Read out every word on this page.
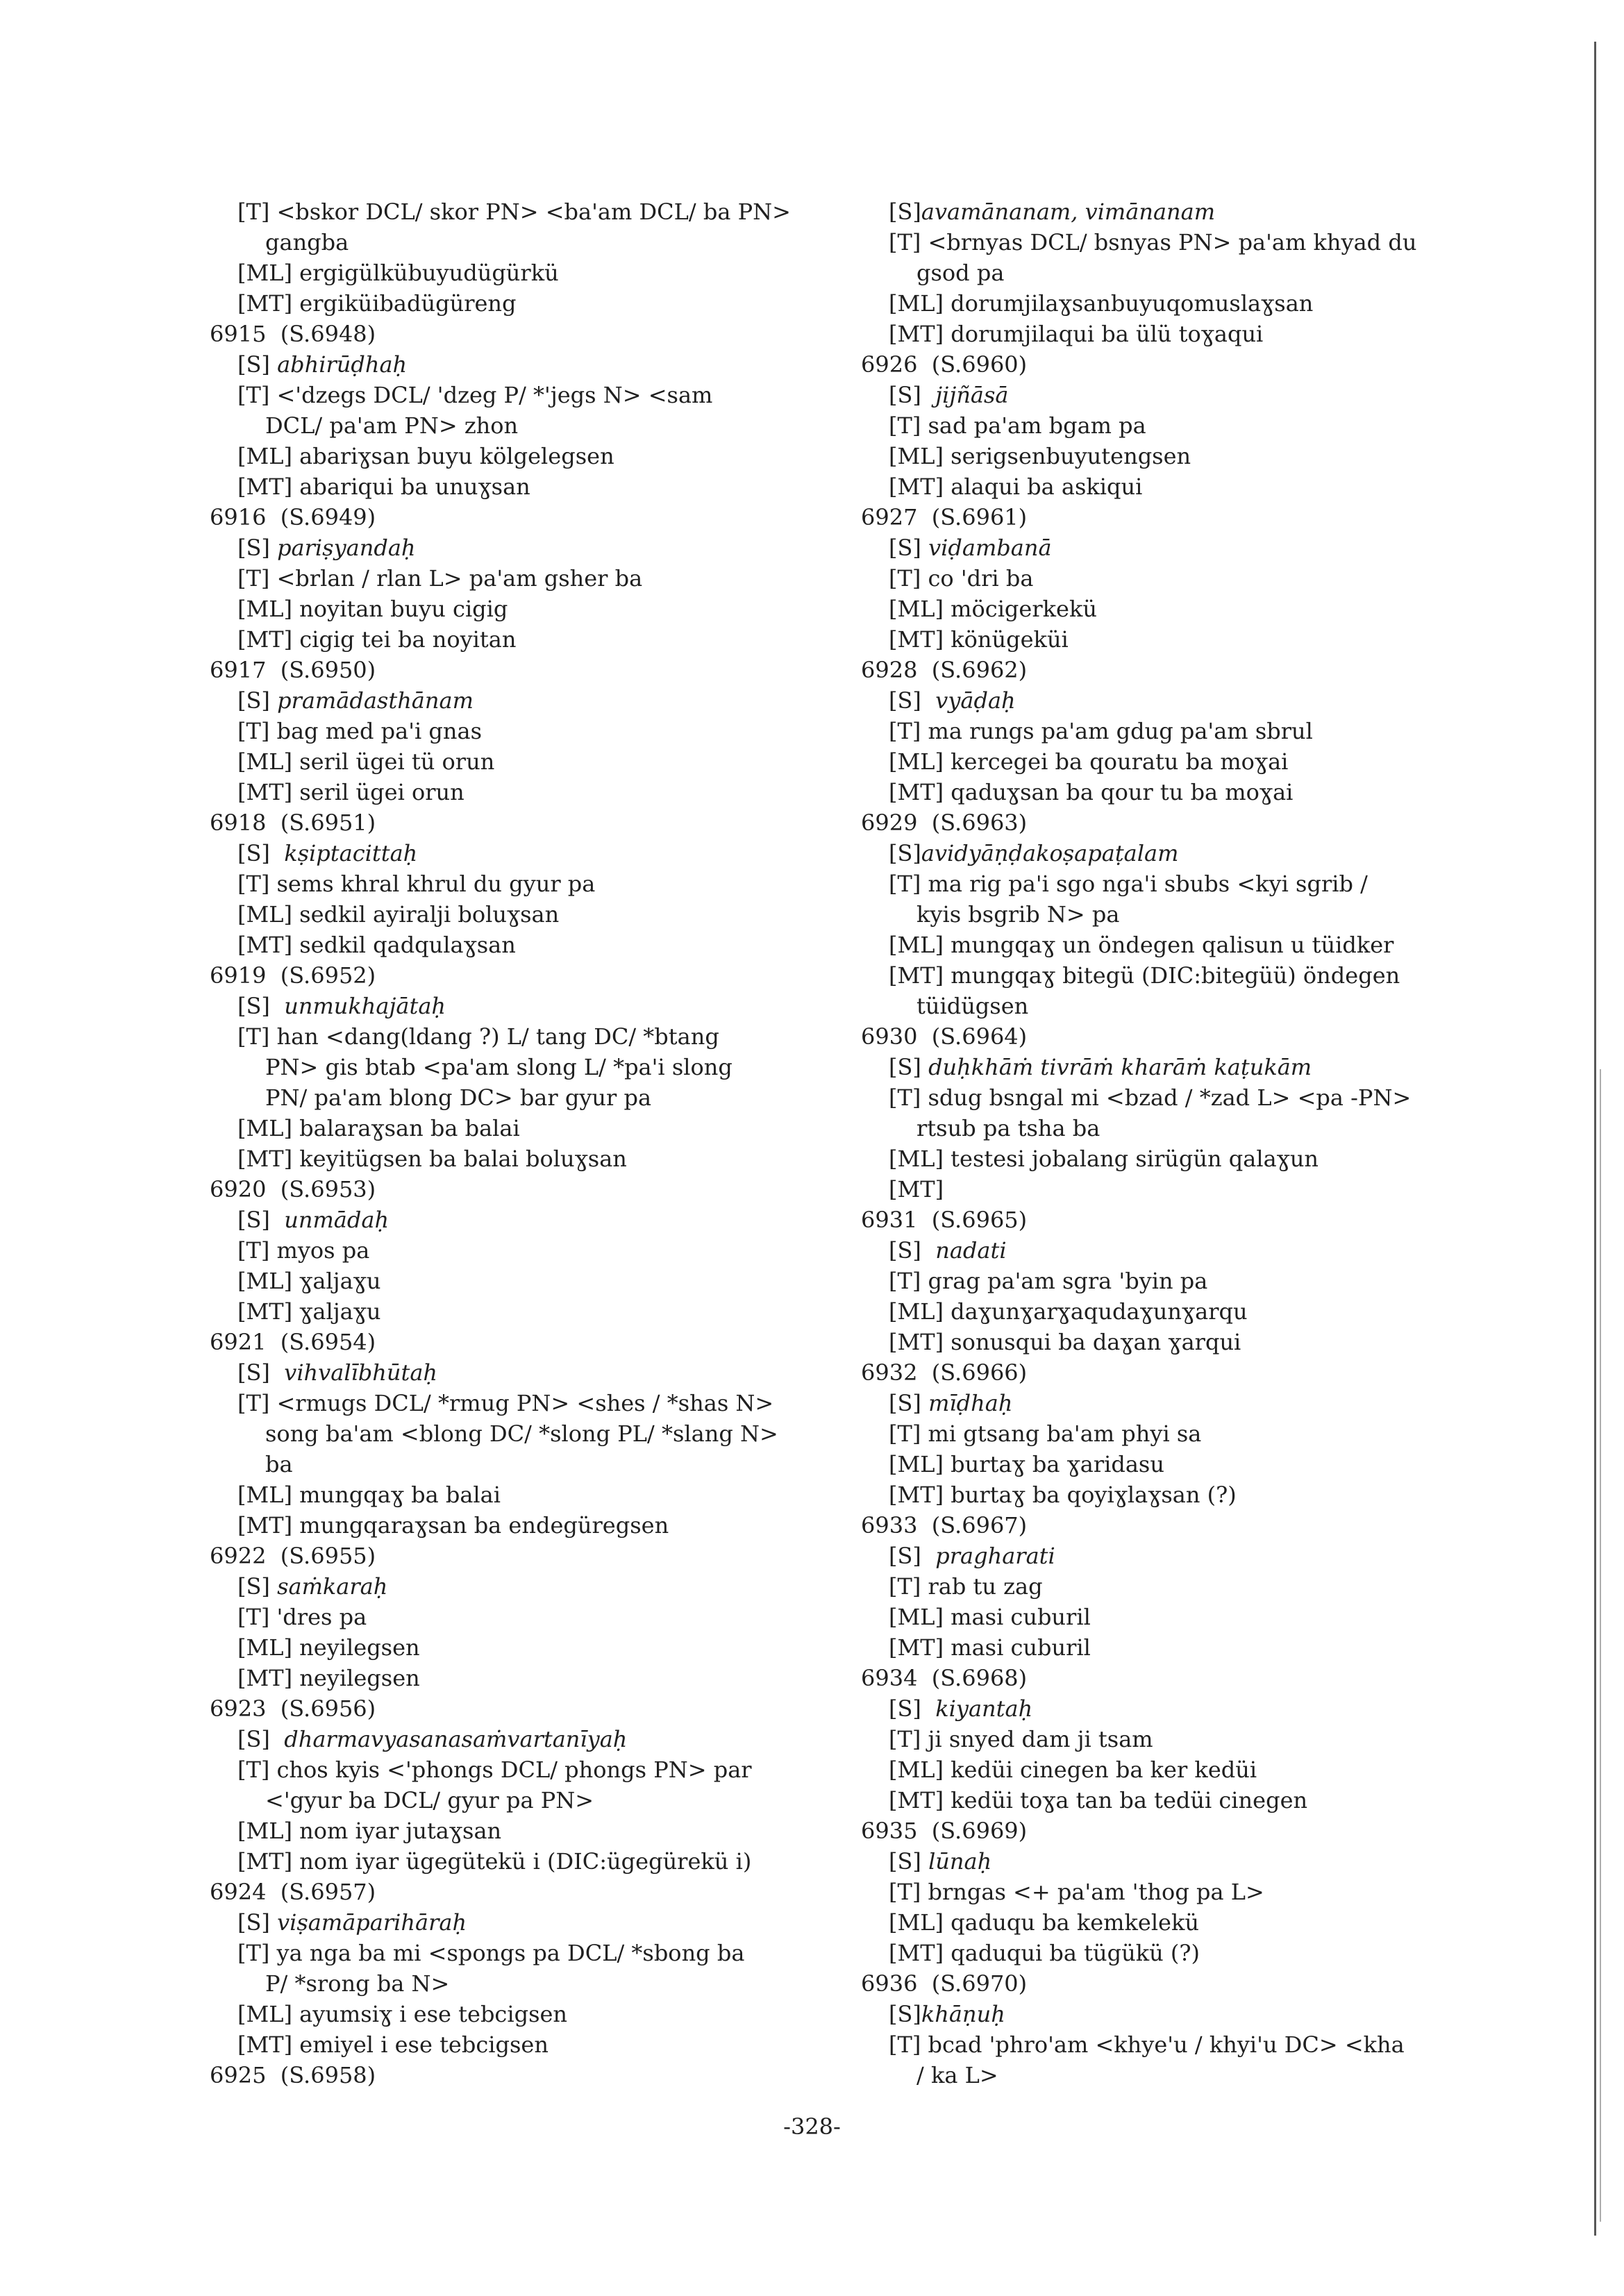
[T] <bskor DCL/ skor PN> <ba'am DCL/ ba PN>
gangba
[ML] ergigülkübuyudügürkü
[MT] ergiküibadügüreng
6915  (S.6948)
[S] abhirūḍhaḥ
[T] <'dzegs DCL/ 'dzeg P/ *'jegs N> <sam
DCL/ pa'am PN> zhon
[ML] abariɣsan buyu kölgelegsen
[MT] abariqui ba unuɣsan
6916  (S.6949)
[S] pariṣyandaḥ
[T] <brlan / rlan L> pa'am gsher ba
[ML] noyitan buyu cigig
[MT] cigig tei ba noyitan
6917  (S.6950)
[S] pramādasthānam
[T] bag med pa'i gnas
[ML] seril ügei tü orun
[MT] seril ügei orun
6918  (S.6951)
[S]  kṣiptacittaḥ
[T] sems khral khrul du gyur pa
[ML] sedkil ayiralji boluɣsan
[MT] sedkil qadqulaɣsan
6919  (S.6952)
[S]  unmukhajātaḥ
[T] han <dang(ldang ?) L/ tang DC/ *btang
PN> gis btab <pa'am slong L/ *pa'i slong
PN/ pa'am blong DC> bar gyur pa
[ML] balaraɣsan ba balai
[MT] keyitügsen ba balai boluɣsan
6920  (S.6953)
[S]  unmādaḥ
[T] myos pa
[ML] ɣaljaɣu
[MT] ɣaljaɣu
6921  (S.6954)
[S]  vihvalībhūtaḥ
[T] <rmugs DCL/ *rmug PN> <shes / *shas N>
song ba'am <blong DC/ *slong PL/ *slang N>
ba
[ML] mungqaɣ ba balai
[MT] mungqaraɣsan ba endegüregsen
6922  (S.6955)
[S] saṁkaraḥ
[T] 'dres pa
[ML] neyilegsen
[MT] neyilegsen
6923  (S.6956)
[S]  dharmavyasanasaṁvartanīyaḥ
[T] chos kyis <'phongs DCL/ phongs PN> par
<'gyur ba DCL/ gyur pa PN>
[ML] nom iyar jutaɣsan
[MT] nom iyar ügegütekü i (DIC:ügegürekü i)
6924  (S.6957)
[S] viṣamāparihāraḥ
[T] ya nga ba mi <spongs pa DCL/ *sbong ba
P/ *srong ba N>
[ML] ayumsiɣ i ese tebcigsen
[MT] emiyel i ese tebcigsen
6925  (S.6958)
[S]avamānanam, vimānanam
[T] <brnyas DCL/ bsnyas PN> pa'am khyad du
gsod pa
[ML] dorumjilaɣsanbuyuqomuslaɣsan
[MT] dorumjilaqui ba ülü toɣaqui
6926  (S.6960)
[S]  jijñāsā
[T] sad pa'am bgam pa
[ML] serigsenbuyutengsen
[MT] alaqui ba askiqui
6927  (S.6961)
[S] viḍambanā
[T] co 'dri ba
[ML] möcigerkekü
[MT] könügeküi
6928  (S.6962)
[S]  vyāḍaḥ
[T] ma rungs pa'am gdug pa'am sbrul
[ML] kercegei ba qouratu ba moɣai
[MT] qaduɣsan ba qour tu ba moɣai
6929  (S.6963)
[S]avidyāṇḍakoṣapaṭalam
[T] ma rig pa'i sgo nga'i sbubs <kyi sgrib /
kyis bsgrib N> pa
[ML] mungqaɣ un öndegen qalisun u tüidker
[MT] mungqaɣ bitegü (DIC:bitegüü) öndegen
tüidügsen
6930  (S.6964)
[S] duḥkhāṁ tivrāṁ kharāṁ kaṭukām
[T] sdug bsngal mi <bzad / *zad L> <pa -PN>
rtsub pa tsha ba
[ML] testesi jobalang sirügün qalaɣun
[MT]
6931  (S.6965)
[S]  nadati
[T] grag pa'am sgra 'byin pa
[ML] daɣunɣarɣaqudaɣunɣarqu
[MT] sonusqui ba daɣan ɣarqui
6932  (S.6966)
[S] mīḍhaḥ
[T] mi gtsang ba'am phyi sa
[ML] burtaɣ ba ɣaridasu
[MT] burtaɣ ba qoyiɣlaɣsan (?)
6933  (S.6967)
[S]  pragharati
[T] rab tu zag
[ML] masi cuburil
[MT] masi cuburil
6934  (S.6968)
[S]  kiyantaḥ
[T] ji snyed dam ji tsam
[ML] kedüi cinegen ba ker kedüi
[MT] kedüi toɣa tan ba tedüi cinegen
6935  (S.6969)
[S] lūnaḥ
[T] brngas <+ pa'am 'thog pa L>
[ML] qaduqu ba kemkelekü
[MT] qaduqui ba tügükü (?)
6936  (S.6970)
[S]khāṇuḥ
[T] bcad 'phro'am <khye'u / khyi'u DC> <kha
/ ka L>
-328-
